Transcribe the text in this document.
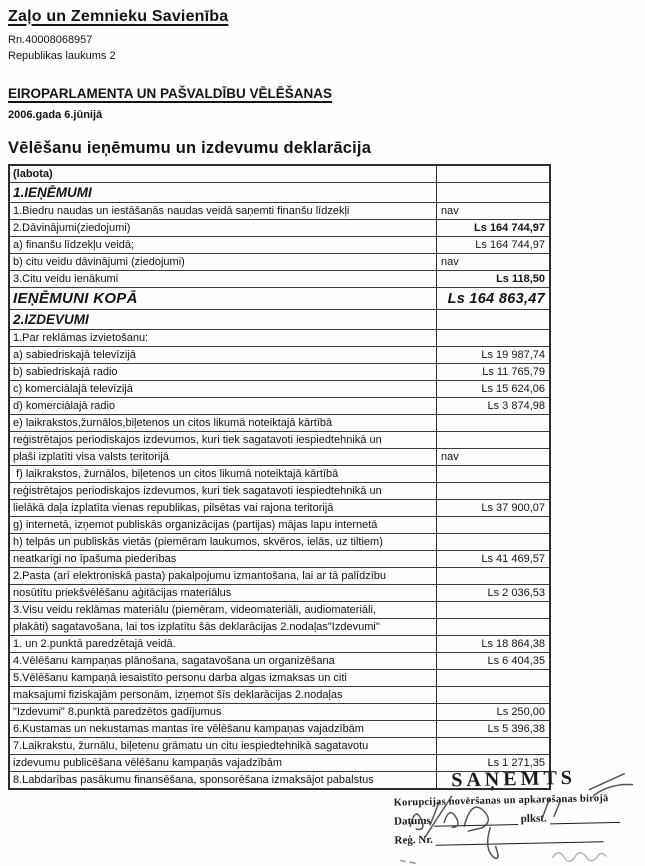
Zaļo un Zemnieku Savienība
Rn.40008068957
Republikas laukums 2
EIROPARLAMENTA UN PAŠVALDĪBU VĒLĒŠANAS
2006.gada 6.jūnijā
Vēlēšanu ieņēmumu un izdevumu deklarācija
(labota)
1.IEŅĒMUMI
1.Biedru naudas un iestāšanās naudas veidā saņemti finanšu līdzekļi	nav
2.Dāvinājumi(ziedojumi)	Ls 164 744,97
a) finanšu līdzekļu veidā;	Ls 164 744,97
b) citu veidu dāvinājumi (ziedojumi)	nav
3.Citu veidu ienākumi	Ls 118,50
IEŅĒMUNI KOPĀ	Ls 164 863,47
2.IZDEVUMI
1.Par reklāmas izvietošanu:
a) sabiedriskajā televīzijā	Ls 19 987,74
b) sabiedriskajā radio	Ls 11 765,79
c) komerciālajā televīzijā	Ls 15 624,06
d) komerciālajā radio	Ls 3 874,98
e) laikrakstos,žurnālos,biļetenos un citos likumā noteiktajā kārtībā
reģistrētajos periodiskajos izdevumos, kuri tiek sagatavoti iespiedtehnikā un
plaši izplatīti visa valsts teritorijā	nav
f) laikrakstos, žurnālos, biļetenos un citos likumā noteiktajā kārtībā
reģistrētajos periodiskajos izdevumos, kuri tiek sagatavoti iespiedtehnikā un
lielākā daļa izplatīta vienas republikas, pilsētas vai rajona teritorijā	Ls 37 900,07
g) internetā, izņemot publiskās organizācijas (partijas) mājas lapu internetā
h) telpās un publiskās vietās (piemēram laukumos, skvēros, ielās, uz tiltiem)
neatkarīgi no īpašuma piederības	Ls 41 469,57
2.Pasta (arī elektroniskā pasta) pakalpojumu izmantošana, lai ar tā palīdzību
nosūtītu priekšvēlēšanu aģitācijas materiālus	Ls 2 036,53
3.Visu veidu reklāmas materiālu (piemēram, videomateriāli, audiomateriāli,
plakāti) sagatavošana, lai tos izplatītu šās deklarācijas 2.nodaļas"Izdevumi"
1. un 2.punktā paredzētajā veidā.	Ls 18 864,38
4.Vēlēšanu kampaņas plānošana, sagatavošana un organizēšana	Ls 6 404,35
5.Vēlēšanu kampaņā iesaistīto personu darba algas izmaksas un citi
maksajumi fiziskajām personām, izņemot šīs deklarācijas 2.nodaļas
"Izdevumi" 8.punktā paredzētos gadījumus	Ls 250,00
6.Kustamas un nekustamas mantas īre vēlēšanu kampaņas vajadzībām	Ls 5 396,38
7.Laikrakstu, žurnālu, biļetenu grāmatu un citu iespiedtehnikā sagatavotu
izdevumu publicēšana vēlēšanu kampaņās vajadzībām	Ls 1 271,35
8.Labdarības pasākumu finansēšana, sponsorēšana izmaksājot pabalstus	SAŅEMTS
Korupcijas novēršanas un apkarošanas birojā
Datums	plkst.
Reģ. Nr.
